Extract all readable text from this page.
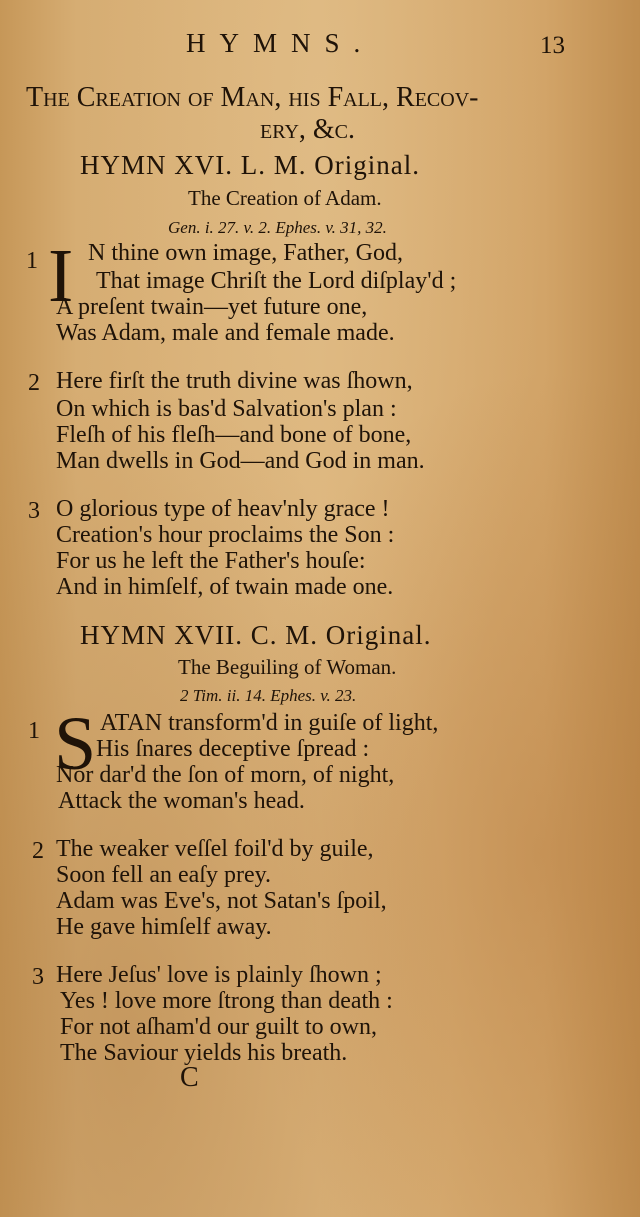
HYMNS.	13
The Creation of Man, his Fall, Recov-
ery, &c.
HYMN XVI. L. M. Original.
The Creation of Adam.
Gen. i. 27. v. 2. Ephes. v. 31, 32.
1 I N thine own image, Father, God,
That image Chriſt the Lord diſplay'd ;
A preſent twain—yet future one,
Was Adam, male and female made.
2 Here firſt the truth divine was ſhown,
On which is bas'd Salvation's plan :
Fleſh of his fleſh—and bone of bone,
Man dwells in God—and God in man.
3 O glorious type of heav'nly grace !
Creation's hour proclaims the Son :
For us he left the Father's houſe:
And in himſelf, of twain made one.
HYMN XVII. C. M. Original.
The Beguiling of Woman.
2 Tim. ii. 14. Ephes. v. 23.
1 S ATAN transform'd in guiſe of light,
His ſnares deceptive ſpread :
Nor dar'd the ſon of morn, of night,
Attack the woman's head.
2 The weaker veſſel foil'd by guile,
Soon fell an eaſy prey.
Adam was Eve's, not Satan's ſpoil,
He gave himſelf away.
3 Here Jeſus' love is plainly ſhown ;
Yes ! love more ſtrong than death :
For not aſham'd our guilt to own,
The Saviour yields his breath.
C
